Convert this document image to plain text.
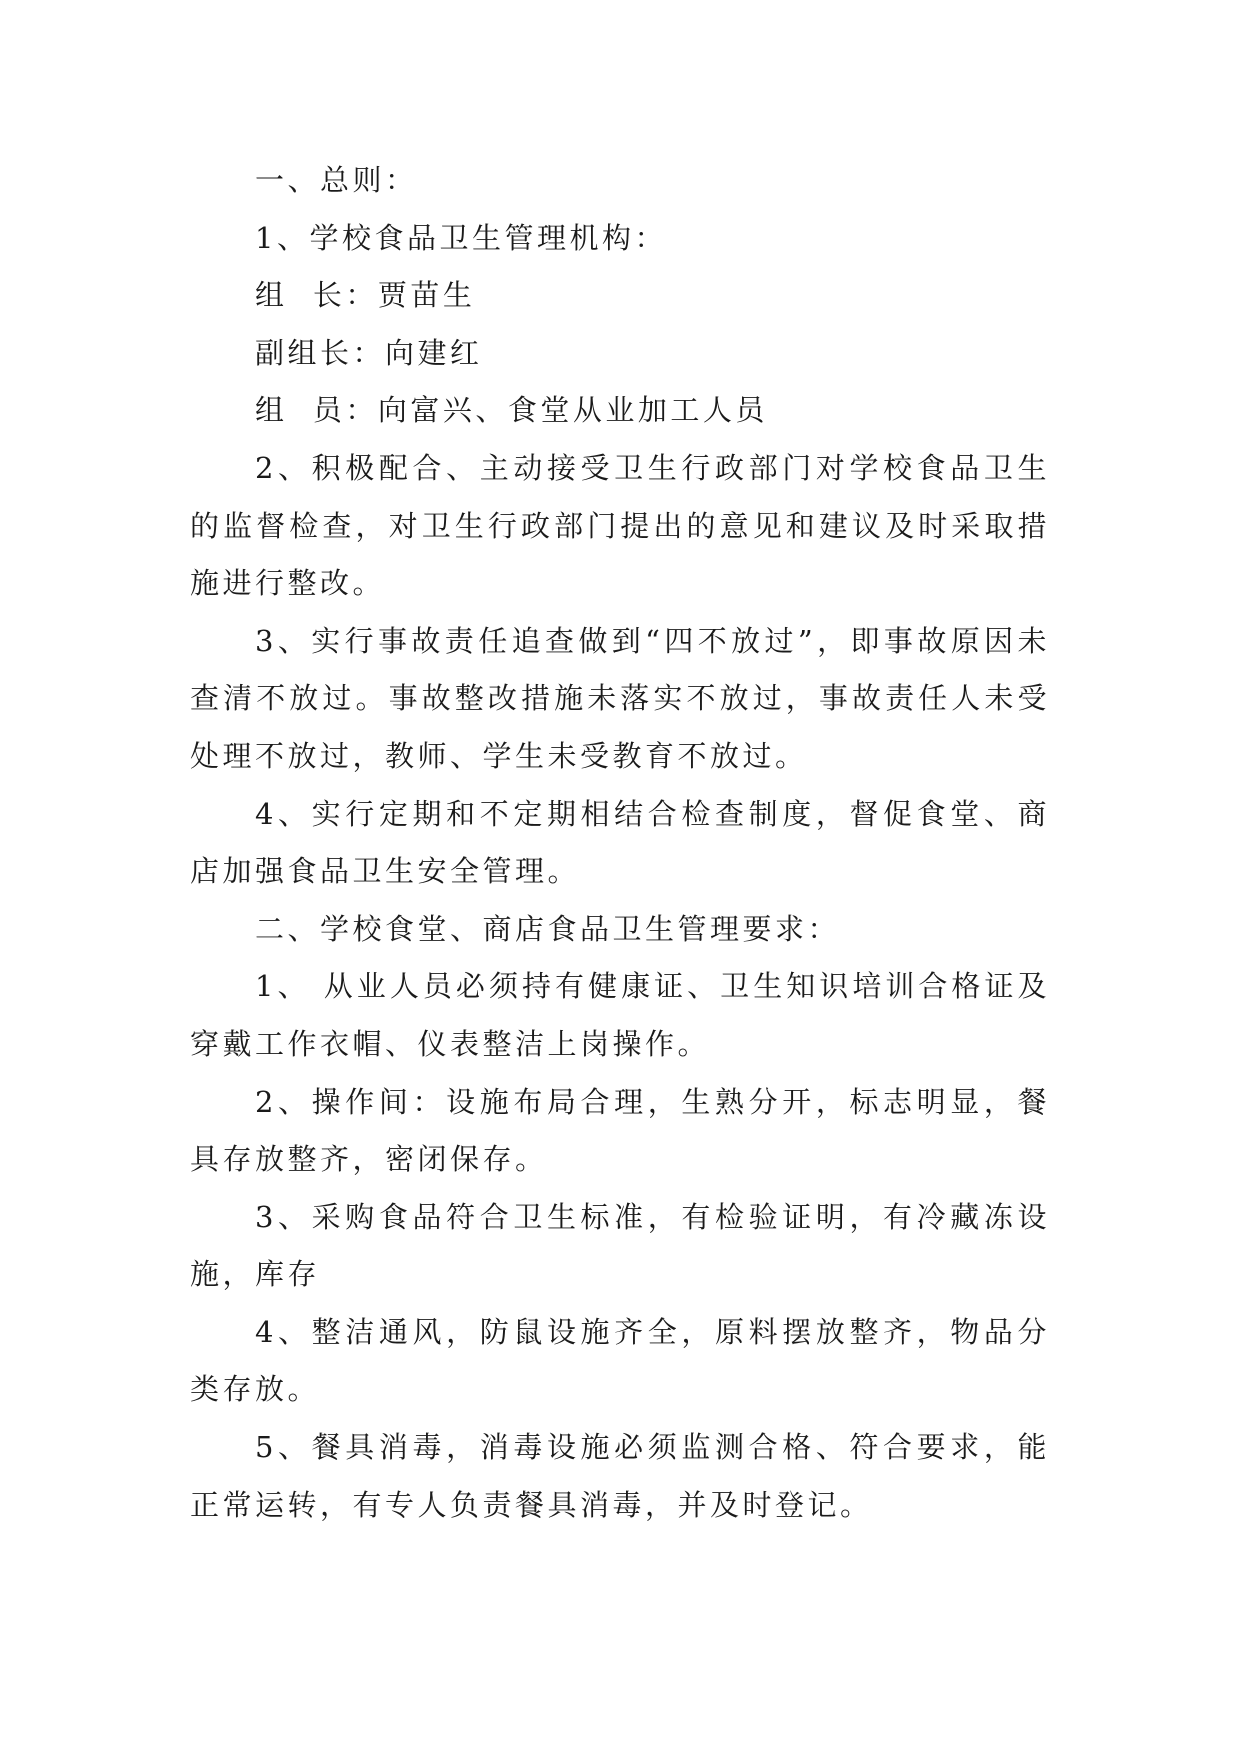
一、总则：

1、学校食品卫生管理机构：

组  长：贾苗生

副组长：向建红

组  员：向富兴、食堂从业加工人员

2、积极配合、主动接受卫生行政部门对学校食品卫生的监督检查，对卫生行政部门提出的意见和建议及时采取措施进行整改。

3、实行事故责任追查做到“四不放过”，即事故原因未查清不放过。事故整改措施未落实不放过，事故责任人未受处理不放过，教师、学生未受教育不放过。

4、实行定期和不定期相结合检查制度，督促食堂、商店加强食品卫生安全管理。

二、学校食堂、商店食品卫生管理要求：

1、 从业人员必须持有健康证、卫生知识培训合格证及穿戴工作衣帽、仪表整洁上岗操作。

2、操作间：设施布局合理，生熟分开，标志明显，餐具存放整齐，密闭保存。

3、采购食品符合卫生标准，有检验证明，有冷藏冻设施，库存

4、整洁通风，防鼠设施齐全，原料摆放整齐，物品分类存放。

5、餐具消毒，消毒设施必须监测合格、符合要求，能正常运转，有专人负责餐具消毒，并及时登记。
